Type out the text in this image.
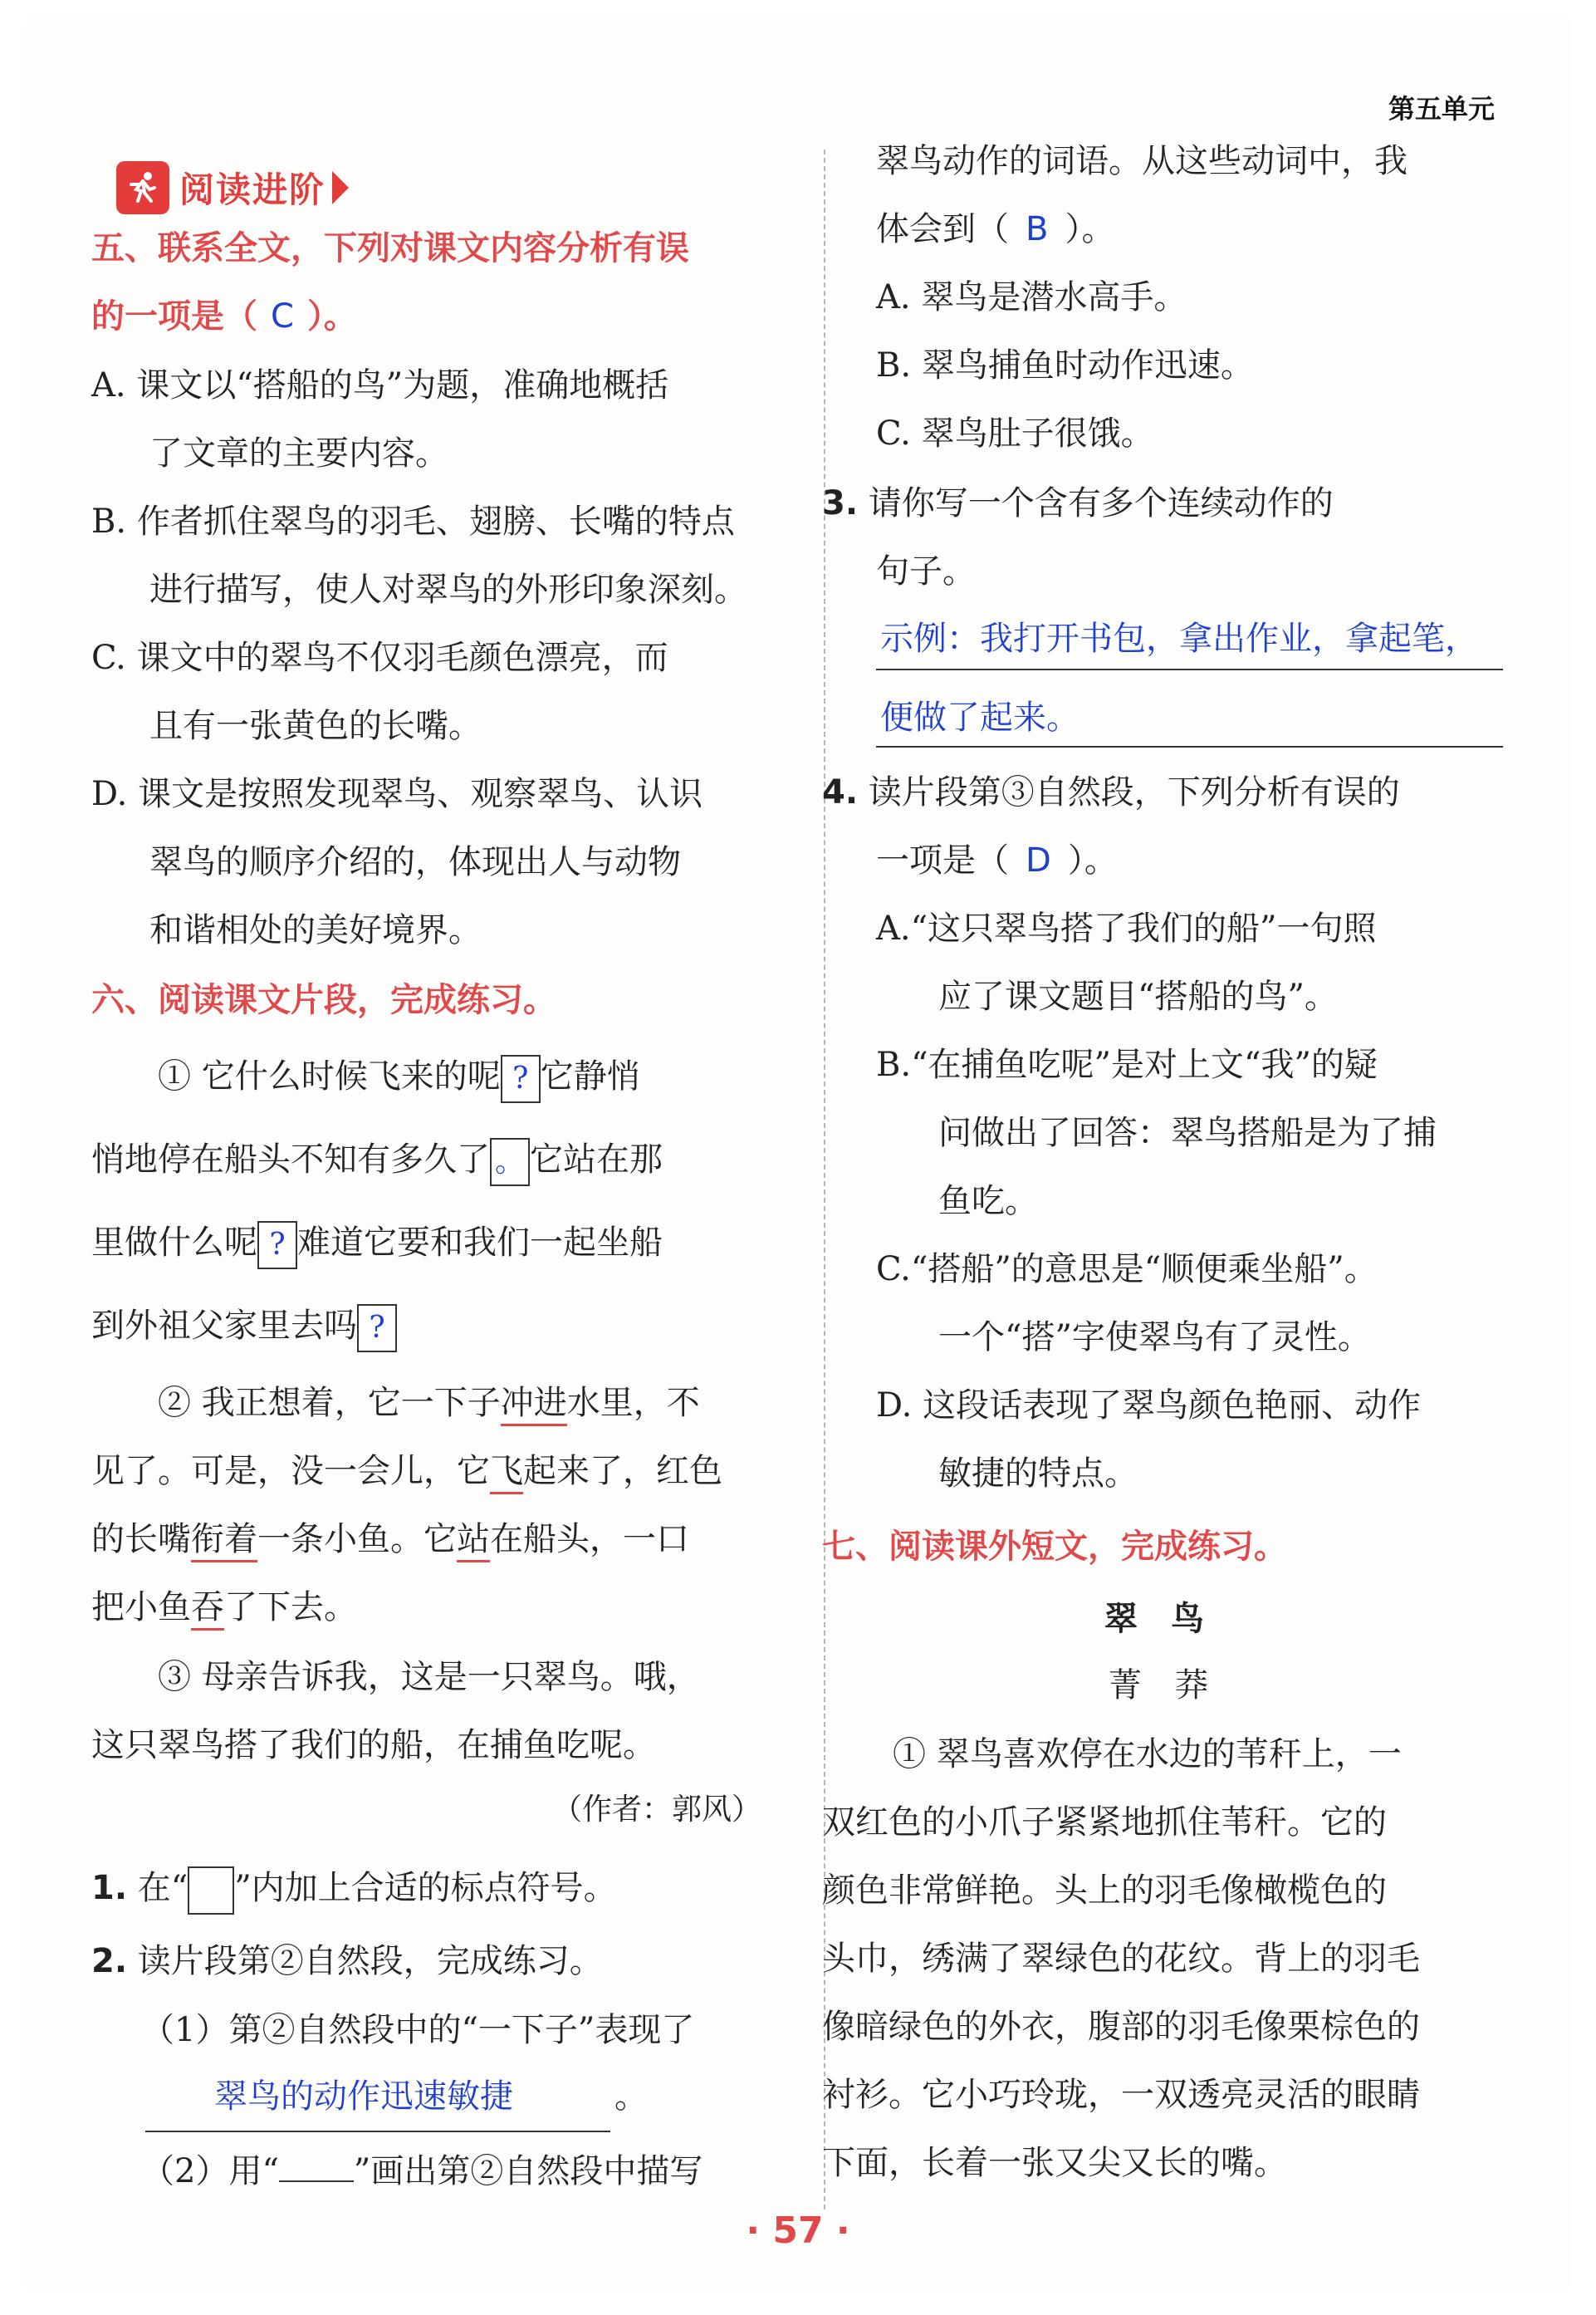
第五单元
阅读进阶
五、联系全文，下列对课文内容分析有误
的一项是（ C ）。
A. 课文以“搭船的鸟”为题，准确地概括
了文章的主要内容。
B. 作者抓住翠鸟的羽毛、翅膀、长嘴的特点
进行描写，使人对翠鸟的外形印象深刻。
C. 课文中的翠鸟不仅羽毛颜色漂亮，而
且有一张黄色的长嘴。
D. 课文是按照发现翠鸟、观察翠鸟、认识
翠鸟的顺序介绍的，体现出人与动物
和谐相处的美好境界。
六、阅读课文片段，完成练习。
① 它什么时候飞来的呢 ? 它静悄
悄地停在船头不知有多久了 。 它站在那
里做什么呢 ? 难道它要和我们一起坐船
到外祖父家里去吗 ?
② 我正想着，它一下子冲进水里，不
见了。可是，没一会儿，它飞起来了，红色
的长嘴衔着一条小鱼。它站在船头，一口
把小鱼吞了下去。
③ 母亲告诉我，这是一只翠鸟。哦，
这只翠鸟搭了我们的船，在捕鱼吃呢。
（作者：郭风）
1. 在“ ”内加上合适的标点符号。
2. 读片段第②自然段，完成练习。
（1）第②自然段中的“一下子”表现了
翠鸟的动作迅速敏捷	。
（2）用“ ”画出第②自然段中描写
翠鸟动作的词语。从这些动词中，我
体会到（ B ）。
A. 翠鸟是潜水高手。
B. 翠鸟捕鱼时动作迅速。
C. 翠鸟肚子很饿。
3. 请你写一个含有多个连续动作的
句子。
示例：我打开书包，拿出作业，拿起笔，
便做了起来。
4. 读片段第③自然段，下列分析有误的
一项是（ D ）。
A.“这只翠鸟搭了我们的船”一句照
应了课文题目“搭船的鸟”。
B.“在捕鱼吃呢”是对上文“我”的疑
问做出了回答：翠鸟搭船是为了捕
鱼吃。
C.“搭船”的意思是“顺便乘坐船”。
一个“搭”字使翠鸟有了灵性。
D. 这段话表现了翠鸟颜色艳丽、动作
敏捷的特点。
七、阅读课外短文，完成练习。
翠　鸟
菁　莽
① 翠鸟喜欢停在水边的苇秆上，一
双红色的小爪子紧紧地抓住苇秆。它的
颜色非常鲜艳。头上的羽毛像橄榄色的
头巾，绣满了翠绿色的花纹。背上的羽毛
像暗绿色的外衣，腹部的羽毛像栗棕色的
衬衫。它小巧玲珑，一双透亮灵活的眼睛
下面，长着一张又尖又长的嘴。
· 57 ·
